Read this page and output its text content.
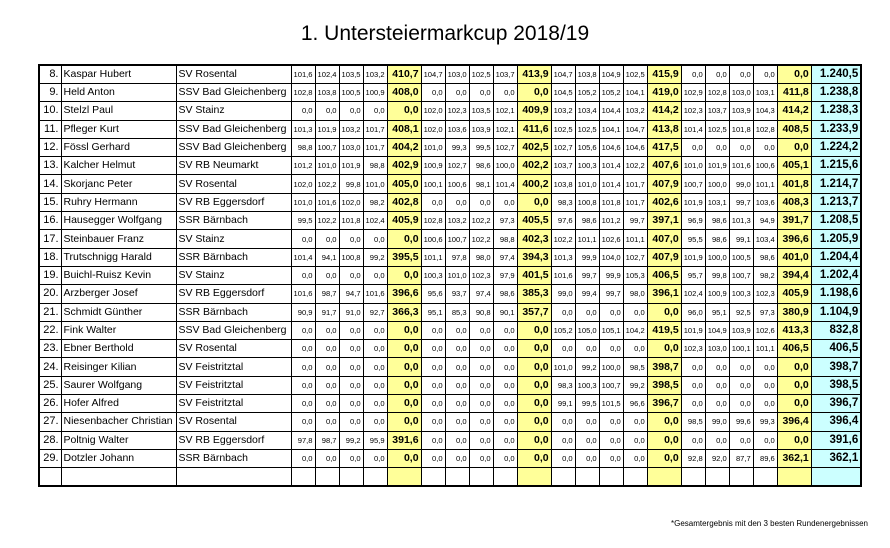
1. Untersteiermarkcup 2018/19
8.	Kaspar Hubert	SV Rosental	101,6	102,4	103,5	103,2	410,7	104,7	103,0	102,5	103,7	413,9	104,7	103,8	104,9	102,5	415,9	0,0	0,0	0,0	0,0	0,0	1.240,5
9.	Held Anton	SSV Bad Gleichenberg	102,8	103,8	100,5	100,9	408,0	0,0	0,0	0,0	0,0	0,0	104,5	105,2	105,2	104,1	419,0	102,9	102,8	103,0	103,1	411,8	1.238,8
10.	Stelzl Paul	SV Stainz	0,0	0,0	0,0	0,0	0,0	102,0	102,3	103,5	102,1	409,9	103,2	103,4	104,4	103,2	414,2	102,3	103,7	103,9	104,3	414,2	1.238,3
11.	Pfleger Kurt	SSV Bad Gleichenberg	101,3	101,9	103,2	101,7	408,1	102,0	103,6	103,9	102,1	411,6	102,5	102,5	104,1	104,7	413,8	101,4	102,5	101,8	102,8	408,5	1.233,9
12.	Fössl Gerhard	SSV Bad Gleichenberg	98,8	100,7	103,0	101,7	404,2	101,0	99,3	99,5	102,7	402,5	102,7	105,6	104,6	104,6	417,5	0,0	0,0	0,0	0,0	0,0	1.224,2
13.	Kalcher Helmut	SV RB Neumarkt	101,2	101,0	101,9	98,8	402,9	100,9	102,7	98,6	100,0	402,2	103,7	100,3	101,4	102,2	407,6	101,0	101,9	101,6	100,6	405,1	1.215,6
14.	Skorjanc Peter	SV Rosental	102,0	102,2	99,8	101,0	405,0	100,1	100,6	98,1	101,4	400,2	103,8	101,0	101,4	101,7	407,9	100,7	100,0	99,0	101,1	401,8	1.214,7
15.	Ruhry Hermann	SV RB Eggersdorf	101,0	101,6	102,0	98,2	402,8	0,0	0,0	0,0	0,0	0,0	98,3	100,8	101,8	101,7	402,6	101,9	103,1	99,7	103,6	408,3	1.213,7
16.	Hausegger Wolfgang	SSR Bärnbach	99,5	102,2	101,8	102,4	405,9	102,8	103,2	102,2	97,3	405,5	97,6	98,6	101,2	99,7	397,1	96,9	98,6	101,3	94,9	391,7	1.208,5
17.	Steinbauer Franz	SV Stainz	0,0	0,0	0,0	0,0	0,0	100,6	100,7	102,2	98,8	402,3	102,2	101,1	102,6	101,1	407,0	95,5	98,6	99,1	103,4	396,6	1.205,9
18.	Trutschnigg Harald	SSR Bärnbach	101,4	94,1	100,8	99,2	395,5	101,1	97,8	98,0	97,4	394,3	101,3	99,9	104,0	102,7	407,9	101,9	100,0	100,5	98,6	401,0	1.204,4
19.	Buichl-Ruisz Kevin	SV Stainz	0,0	0,0	0,0	0,0	0,0	100,3	101,0	102,3	97,9	401,5	101,6	99,7	99,9	105,3	406,5	95,7	99,8	100,7	98,2	394,4	1.202,4
20.	Arzberger Josef	SV RB Eggersdorf	101,6	98,7	94,7	101,6	396,6	95,6	93,7	97,4	98,6	385,3	99,0	99,4	99,7	98,0	396,1	102,4	100,9	100,3	102,3	405,9	1.198,6
21.	Schmidt Günther	SSR Bärnbach	90,9	91,7	91,0	92,7	366,3	95,1	85,3	90,8	90,1	357,7	0,0	0,0	0,0	0,0	0,0	96,0	95,1	92,5	97,3	380,9	1.104,9
22.	Fink Walter	SSV Bad Gleichenberg	0,0	0,0	0,0	0,0	0,0	0,0	0,0	0,0	0,0	0,0	105,2	105,0	105,1	104,2	419,5	101,9	104,9	103,9	102,6	413,3	832,8
23.	Ebner Berthold	SV Rosental	0,0	0,0	0,0	0,0	0,0	0,0	0,0	0,0	0,0	0,0	0,0	0,0	0,0	0,0	0,0	102,3	103,0	100,1	101,1	406,5	406,5
24.	Reisinger Kilian	SV Feistritztal	0,0	0,0	0,0	0,0	0,0	0,0	0,0	0,0	0,0	0,0	101,0	99,2	100,0	98,5	398,7	0,0	0,0	0,0	0,0	0,0	398,7
25.	Saurer Wolfgang	SV Feistritztal	0,0	0,0	0,0	0,0	0,0	0,0	0,0	0,0	0,0	0,0	98,3	100,3	100,7	99,2	398,5	0,0	0,0	0,0	0,0	0,0	398,5
26.	Hofer Alfred	SV Feistritztal	0,0	0,0	0,0	0,0	0,0	0,0	0,0	0,0	0,0	0,0	99,1	99,5	101,5	96,6	396,7	0,0	0,0	0,0	0,0	0,0	396,7
27.	Niesenbacher Christian	SV Rosental	0,0	0,0	0,0	0,0	0,0	0,0	0,0	0,0	0,0	0,0	0,0	0,0	0,0	0,0	0,0	98,5	99,0	99,6	99,3	396,4	396,4
28.	Poltnig Walter	SV RB Eggersdorf	97,8	98,7	99,2	95,9	391,6	0,0	0,0	0,0	0,0	0,0	0,0	0,0	0,0	0,0	0,0	0,0	0,0	0,0	0,0	0,0	391,6
29.	Dotzler Johann	SSR Bärnbach	0,0	0,0	0,0	0,0	0,0	0,0	0,0	0,0	0,0	0,0	0,0	0,0	0,0	0,0	0,0	92,8	92,0	87,7	89,6	362,1	362,1

*Gesamtergebnis mit den 3 besten Rundenergebnissen
